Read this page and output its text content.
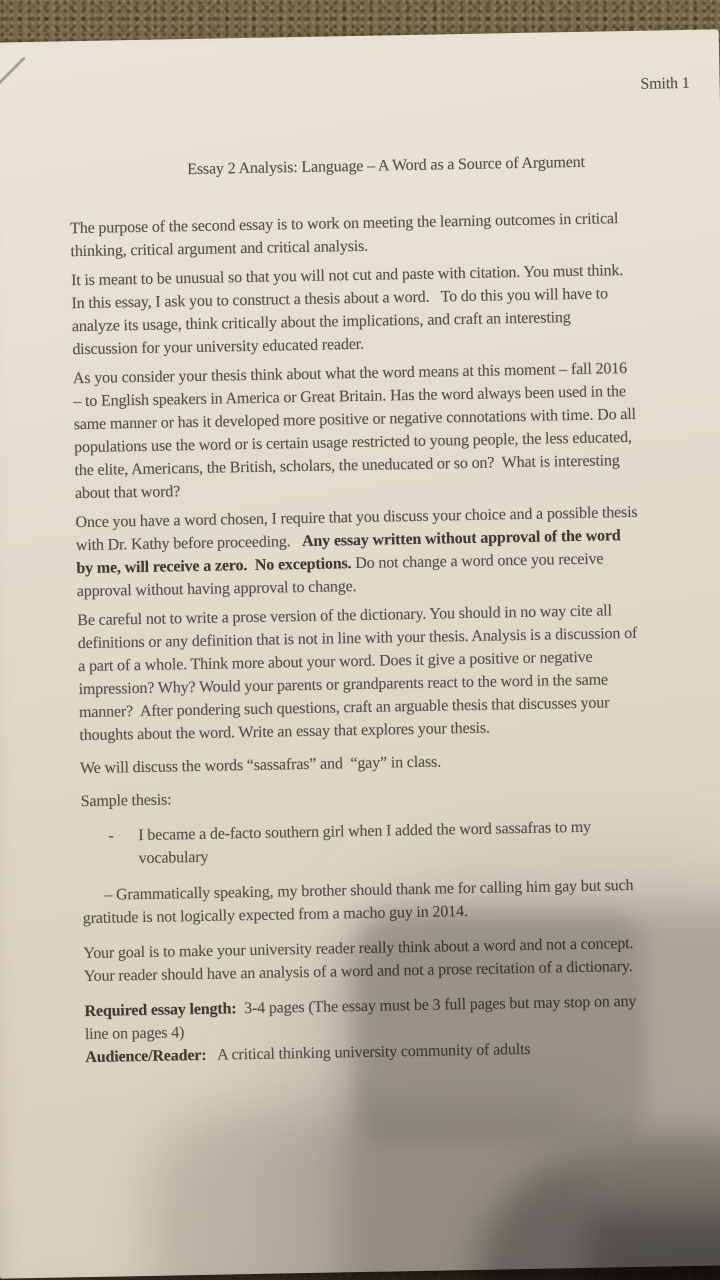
Smith 1
Essay 2 Analysis: Language – A Word as a Source of Argument

The purpose of the second essay is to work on meeting the learning outcomes in critical
thinking, critical argument and critical analysis.

It is meant to be unusual so that you will not cut and paste with citation. You must think.
In this essay, I ask you to construct a thesis about a word.   To do this you will have to
analyze its usage, think critically about the implications, and craft an interesting
discussion for your university educated reader.

As you consider your thesis think about what the word means at this moment – fall 2016
– to English speakers in America or Great Britain. Has the word always been used in the
same manner or has it developed more positive or negative connotations with time. Do all
populations use the word or is certain usage restricted to young people, the less educated,
the elite, Americans, the British, scholars, the uneducated or so on?  What is interesting
about that word?

Once you have a word chosen, I require that you discuss your choice and a possible thesis
with Dr. Kathy before proceeding.   Any essay written without approval of the word
by me, will receive a zero.  No exceptions. Do not change a word once you receive
approval without having approval to change.

Be careful not to write a prose version of the dictionary. You should in no way cite all
definitions or any definition that is not in line with your thesis. Analysis is a discussion of
a part of a whole. Think more about your word. Does it give a positive or negative
impression? Why? Would your parents or grandparents react to the word in the same
manner?  After pondering such questions, craft an arguable thesis that discusses your
thoughts about the word. Write an essay that explores your thesis.

We will discuss the words “sassafras” and  “gay” in class.

Sample thesis:

-	I became a de-facto southern girl when I added the word sassafras to my
vocabulary

– Grammatically speaking, my brother should thank me for calling him gay but such
gratitude is not logically expected from a macho guy in 2014.

Your goal is to make your university reader really think about a word and not a concept.
Your reader should have an analysis of a word and not a prose recitation of a dictionary.

Required essay length:  3-4 pages (The essay must be 3 full pages but may stop on any
line on pages 4)

Audience/Reader:   A critical thinking university community of adults
